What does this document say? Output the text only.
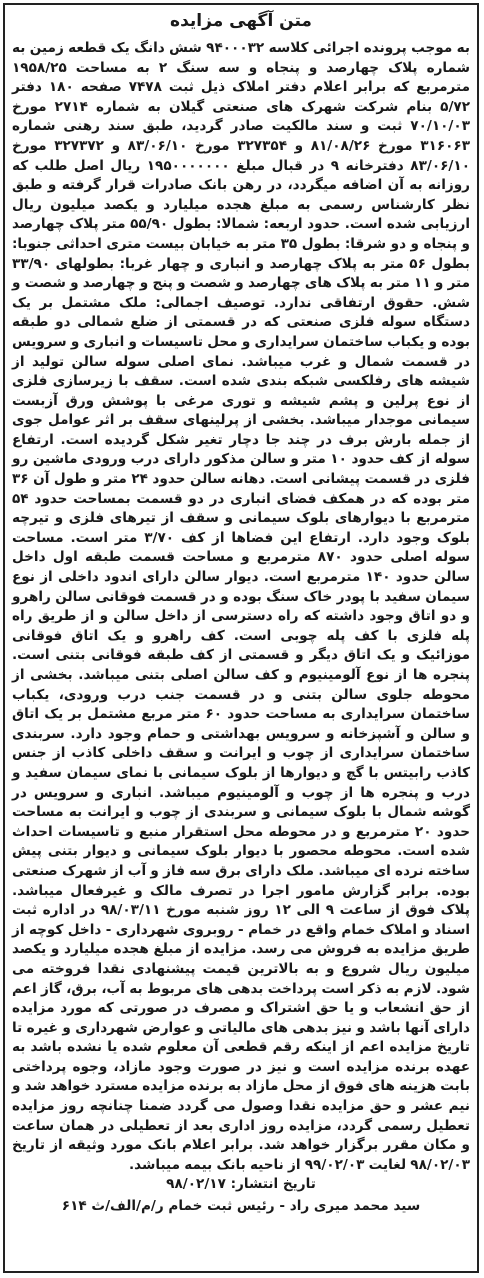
متن آگهی مزایده

به موجب پرونده اجرائی کلاسه ۹۴۰۰۰۳۲ شش دانگ یک قطعه زمین به شماره پلاک چهارصد و پنجاه و سه سنگ ۲ به مساحت ۱۹۵۸/۲۵ مترمربع که برابر اعلام دفتر املاک ذیل ثبت ۷۴۷۸ صفحه ۱۸۰ دفتر ۵/۷۲ بنام شرکت شهرک های صنعتی گیلان به شماره ۲۷۱۴ مورخ ۷۰/۱۰/۰۳ ثبت و سند مالکیت صادر گردید، طبق سند رهنی شماره ۳۱۶۰۶۳ مورخ ۸۱/۰۸/۲۶ و ۳۲۷۳۵۴ مورخ ۸۳/۰۶/۱۰ و ۳۲۷۳۷۲ مورخ ۸۳/۰۶/۱۰ دفترخانه ۹ در قبال مبلغ ۱۹۵۰۰۰۰۰۰۰ ریال اصل طلب که روزانه به آن اضافه میگردد، در رهن بانک صادرات قرار گرفته و طبق نظر کارشناس رسمی به مبلغ هجده میلیارد و یکصد میلیون ریال ارزیابی شده است. حدود اربعه: شمالا: بطول ۵۵/۹۰ متر پلاک چهارصد و پنجاه و دو شرقا: بطول ۳۵ متر به خیابان بیست متری احداثی جنوبا: بطول ۵۶ متر به پلاک چهارصد و انباری و چهار غربا: بطولهای ۳۳/۹۰ متر و ۱۱ متر به پلاک های چهارصد و شصت و پنج و چهارصد و شصت و شش. حقوق ارتفاقی ندارد. توصیف اجمالی: ملک مشتمل بر یک دستگاه سوله فلزی صنعتی که در قسمتی از ضلع شمالی دو طبقه بوده و یکباب ساختمان سرایداری و محل تاسیسات و انباری و سرویس در قسمت شمال و غرب میباشد. نمای اصلی سوله سالن تولید از شیشه های رفلکسی شبکه بندی شده است. سقف با زیرسازی فلزی از نوع پرلین و پشم شیشه و توری مرغی با پوشش ورق آزبست سیمانی موجدار میباشد. بخشی از پرلینهای سقف بر اثر عوامل جوی از جمله بارش برف در چند جا دچار تغیر شکل گردیده است. ارتفاع سوله از کف حدود ۱۰ متر و سالن مذکور دارای درب ورودی ماشین رو فلزی در قسمت پیشانی است. دهانه سالن حدود ۲۴ متر و طول آن ۳۶ متر بوده که در همکف فضای انباری در دو قسمت بمساحت حدود ۵۴ مترمربع با دیوارهای بلوک سیمانی و سقف از تیرهای فلزی و تیرچه بلوک وجود دارد. ارتفاع این فضاها از کف ۳/۷۰ متر است. مساحت سوله اصلی حدود ۸۷۰ مترمربع و مساحت قسمت طبقه اول داخل سالن حدود ۱۴۰ مترمربع است. دیوار سالن دارای اندود داخلی از نوع سیمان سفید با پودر خاک سنگ بوده و در قسمت فوقانی سالن راهرو و دو اتاق وجود داشته که راه دسترسی از داخل سالن و از طریق راه پله فلزی با کف پله چوبی است. کف راهرو و یک اتاق فوقانی موزائیک و یک اتاق دیگر و قسمتی از کف طبقه فوقانی بتنی است. پنجره ها از نوع آلومینیوم و کف سالن اصلی بتنی میباشد. بخشی از محوطه جلوی سالن بتنی و در قسمت جنب درب ورودی، یکباب ساختمان سرایداری به مساحت حدود ۶۰ متر مربع مشتمل بر یک اتاق و سالن و آشپزخانه و سرویس بهداشتی و حمام وجود دارد. سربندی ساختمان سرایداری از چوب و ایرانت و سقف داخلی کاذب از جنس کاذب رابیتس با گچ و دیوارها از بلوک سیمانی با نمای سیمان سفید و درب و پنجره ها از چوب و آلومینیوم میباشد. انباری و سرویس در گوشه شمال با بلوک سیمانی و سربندی از چوب و ایرانت به مساحت حدود ۲۰ مترمربع و در محوطه محل استقرار منبع و تاسیسات احداث شده است. محوطه محصور با دیوار بلوک سیمانی و دیوار بتنی پیش ساخته نرده ای میباشد. ملک دارای برق سه فاز و آب از شهرک صنعتی بوده. برابر گزارش مامور اجرا در تصرف مالک و غیرفعال میباشد. پلاک فوق از ساعت ۹ الی ۱۲ روز شنبه مورخ ۹۸/۰۳/۱۱ در اداره ثبت اسناد و املاک خمام واقع در خمام - روبروی شهرداری - داخل کوچه از طریق مزایده به فروش می رسد. مزایده از مبلغ هجده میلیارد و یکصد میلیون ریال شروع و به بالاترین قیمت پیشنهادی نقدا فروخته می شود. لازم به ذکر است پرداخت بدهی های مربوط به آب، برق، گاز اعم از حق انشعاب و یا حق اشتراک و مصرف در صورتی که مورد مزایده دارای آنها باشد و نیز بدهی های مالیاتی و عوارض شهرداری و غیره تا تاریخ مزایده اعم از اینکه رقم قطعی آن معلوم شده یا نشده باشد به عهده برنده مزایده است و نیز در صورت وجود مازاد، وجوه پرداختی بابت هزینه های فوق از محل مازاد به برنده مزایده مسترد خواهد شد و نیم عشر و حق مزایده نقدا وصول می گردد ضمنا چنانچه روز مزایده تعطیل رسمی گردد، مزایده روز اداری بعد از تعطیلی در همان ساعت و مکان مقرر برگزار خواهد شد. برابر اعلام بانک مورد وثیقه از تاریخ ۹۸/۰۲/۰۳ لغایت ۹۹/۰۲/۰۳ از ناحیه بانک بیمه میباشد.

تاریخ انتشار: ۹۸/۰۲/۱۷
سید محمد میری راد - رئیس ثبت خمام ر/م/الف/ث ۶۱۴
